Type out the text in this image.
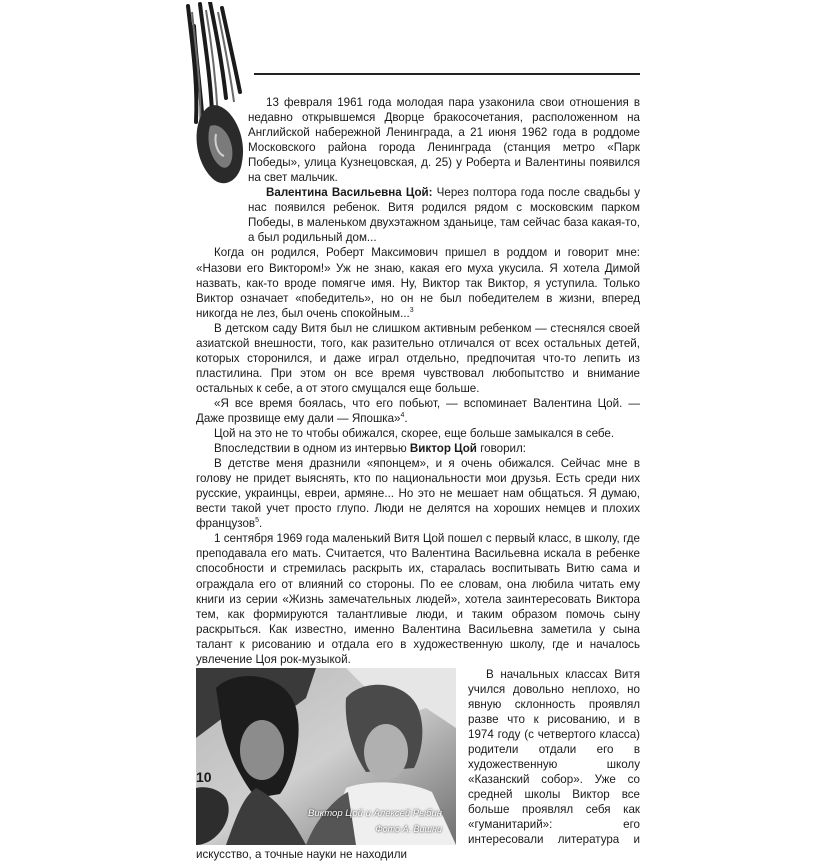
13 февраля 1961 года молодая пара узаконила свои отношения в недавно открывшемся Дворце бракосочетания, расположенном на Английской набережной Ленинграда, а 21 июня 1962 года в роддоме Московского района города Ленинграда (станция метро «Парк Победы», улица Кузнецовская, д. 25) у Роберта и Валентины появился на свет мальчик.

Валентина Васильевна Цой: Через полтора года после свадьбы у нас появился ребенок. Витя родился рядом с московским парком Победы, в маленьком двухэтажном зданьице, там сейчас база какая-то, а был родильный дом...

Когда он родился, Роберт Максимович пришел в роддом и говорит мне: «Назови его Виктором!» Уж не знаю, какая его муха укусила. Я хотела Димой назвать, как-то вроде помягче имя. Ну, Виктор так Виктор, я уступила. Только Виктор означает «победитель», но он не был победителем в жизни, вперед никогда не лез, был очень спокойным...$^3$

В детском саду Витя был не слишком активным ребенком — стеснялся своей азиатской внешности, того, как разительно отличался от всех остальных детей, которых сторонился, и даже играл отдельно, предпочитая что-то лепить из пластилина. При этом он все время чувствовал любопытство и внимание остальных к себе, а от этого смущался еще больше.

«Я все время боялась, что его побьют, — вспоминает Валентина Цой. — Даже прозвище ему дали — Япошка»$^4$.

Цой на это не то чтобы обижался, скорее, еще больше замыкался в себе.

Впоследствии в одном из интервью Виктор Цой говорил:

В детстве меня дразнили «японцем», и я очень обижался. Сейчас мне в голову не придет выяснять, кто по национальности мои друзья. Есть среди них русские, украинцы, евреи, армяне... Но это не мешает нам общаться. Я думаю, вести такой учет просто глупо. Люди не делятся на хороших немцев и плохих французов$^5$.

1 сентября 1969 года маленький Витя Цой пошел с первый класс, в школу, где преподавала его мать. Считается, что Валентина Васильевна искала в ребенке способности и стремилась раскрыть их, старалась воспитывать Витю сама и ограждала его от влияний со стороны. По ее словам, она любила читать ему книги из серии «Жизнь замечательных людей», хотела заинтересовать Виктора тем, как формируются талантливые люди, и таким образом помочь сыну раскрыться. Как известно, именно Валентина Васильевна заметила у сына талант к рисованию и отдала его в художественную школу, где и началось увлечение Цоя рок-музыкой.

Виктор Цой и Алексей Рыбин
Фото А. Вишни

В начальных классах Витя учился довольно неплохо, но явную склонность проявлял разве что к рисованию, и в 1974 году (с четвертого класса) родители отдали его в художественную школу «Казанский собор». Уже со средней школы Виктор все больше проявлял себя как «гуманитарий»: его интересовали литература и искусство, а точные науки не находили

10
